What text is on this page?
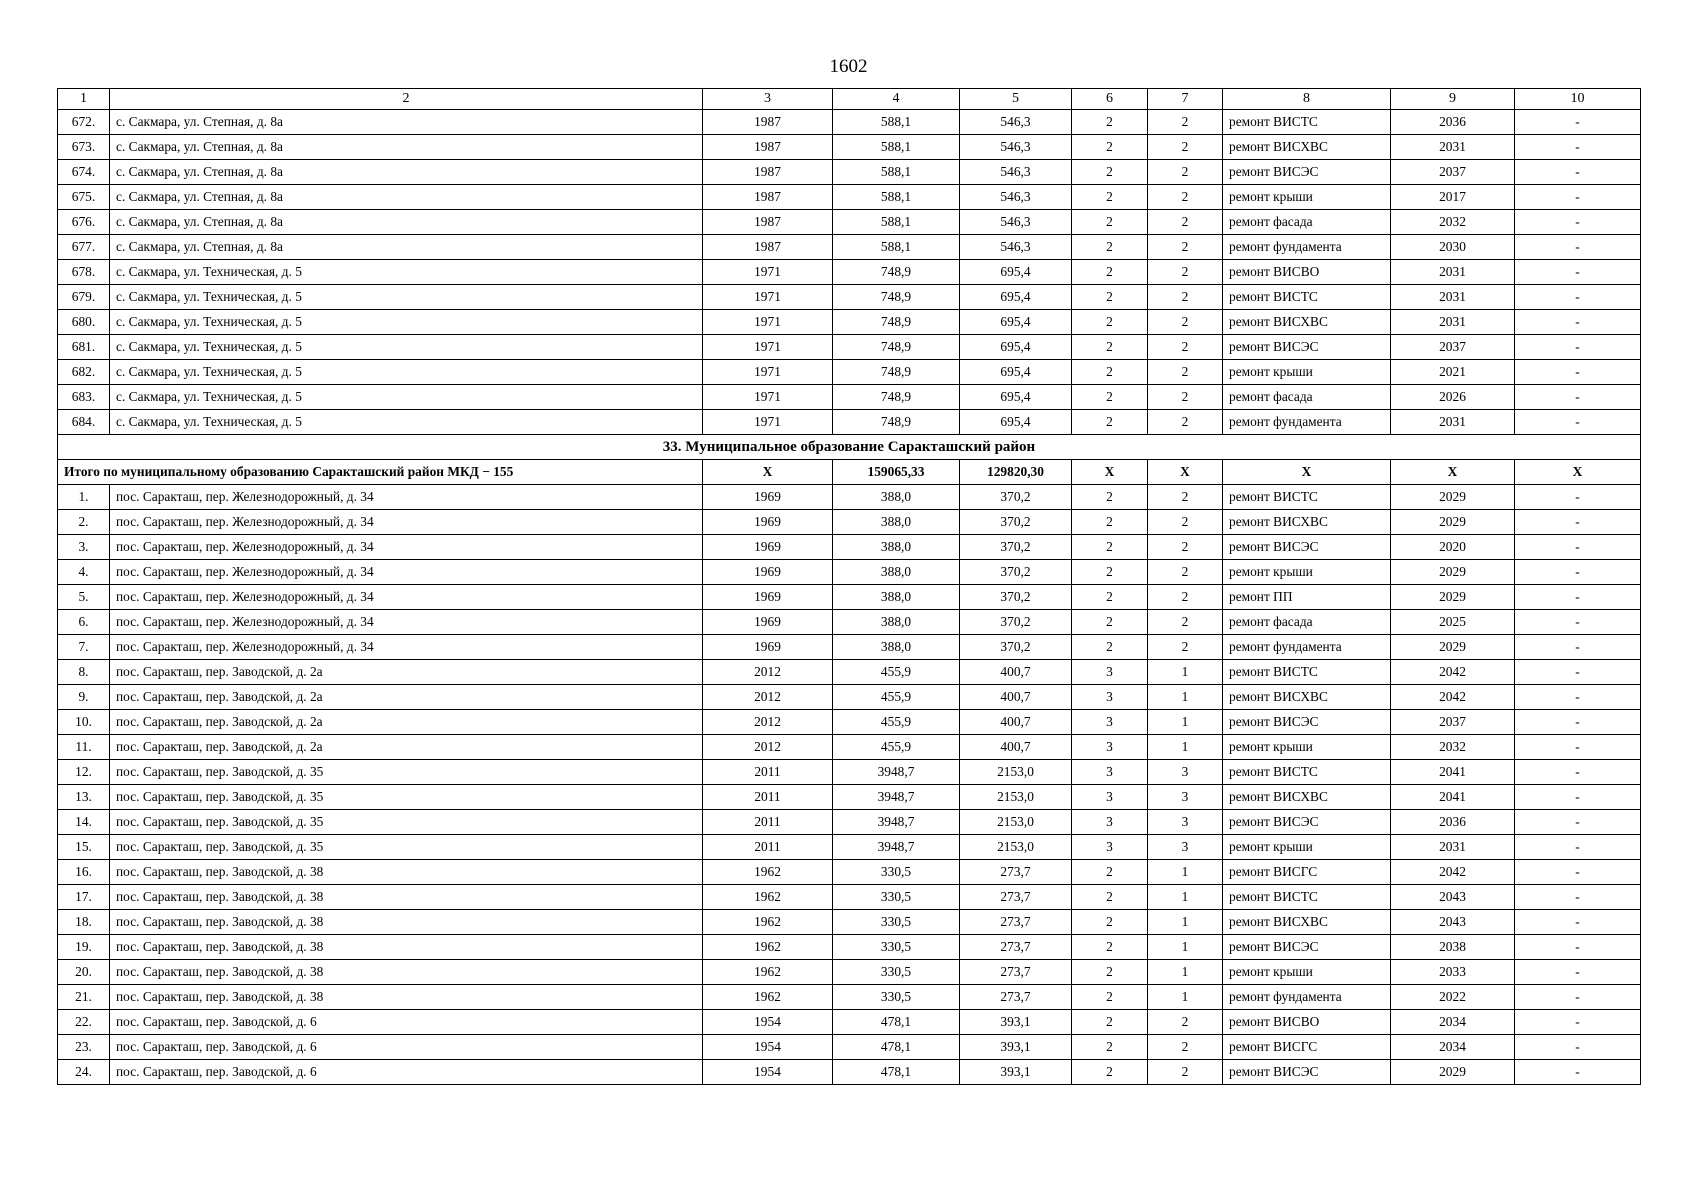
1602
1	2	3	4	5	6	7	8	9	10
672.	с. Сакмара, ул. Степная, д. 8а	1987	588,1	546,3	2	2	ремонт ВИСТС	2036	-
673.	с. Сакмара, ул. Степная, д. 8а	1987	588,1	546,3	2	2	ремонт ВИСХВС	2031	-
674.	с. Сакмара, ул. Степная, д. 8а	1987	588,1	546,3	2	2	ремонт ВИСЭС	2037	-
675.	с. Сакмара, ул. Степная, д. 8а	1987	588,1	546,3	2	2	ремонт крыши	2017	-
676.	с. Сакмара, ул. Степная, д. 8а	1987	588,1	546,3	2	2	ремонт фасада	2032	-
677.	с. Сакмара, ул. Степная, д. 8а	1987	588,1	546,3	2	2	ремонт фундамента	2030	-
678.	с. Сакмара, ул. Техническая, д. 5	1971	748,9	695,4	2	2	ремонт ВИСВО	2031	-
679.	с. Сакмара, ул. Техническая, д. 5	1971	748,9	695,4	2	2	ремонт ВИСТС	2031	-
680.	с. Сакмара, ул. Техническая, д. 5	1971	748,9	695,4	2	2	ремонт ВИСХВС	2031	-
681.	с. Сакмара, ул. Техническая, д. 5	1971	748,9	695,4	2	2	ремонт ВИСЭС	2037	-
682.	с. Сакмара, ул. Техническая, д. 5	1971	748,9	695,4	2	2	ремонт крыши	2021	-
683.	с. Сакмара, ул. Техническая, д. 5	1971	748,9	695,4	2	2	ремонт фасада	2026	-
684.	с. Сакмара, ул. Техническая, д. 5	1971	748,9	695,4	2	2	ремонт фундамента	2031	-
33. Муниципальное образование Саракташский район									
Итого по муниципальному образованию Саракташский район МКД − 155		X	159065,33	129820,30	X	X	X	X	X
1.	пос. Саракташ, пер. Железнодорожный, д. 34	1969	388,0	370,2	2	2	ремонт ВИСТС	2029	-
2.	пос. Саракташ, пер. Железнодорожный, д. 34	1969	388,0	370,2	2	2	ремонт ВИСХВС	2029	-
3.	пос. Саракташ, пер. Железнодорожный, д. 34	1969	388,0	370,2	2	2	ремонт ВИСЭС	2020	-
4.	пос. Саракташ, пер. Железнодорожный, д. 34	1969	388,0	370,2	2	2	ремонт крыши	2029	-
5.	пос. Саракташ, пер. Железнодорожный, д. 34	1969	388,0	370,2	2	2	ремонт ПП	2029	-
6.	пос. Саракташ, пер. Железнодорожный, д. 34	1969	388,0	370,2	2	2	ремонт фасада	2025	-
7.	пос. Саракташ, пер. Железнодорожный, д. 34	1969	388,0	370,2	2	2	ремонт фундамента	2029	-
8.	пос. Саракташ, пер. Заводской, д. 2а	2012	455,9	400,7	3	1	ремонт ВИСТС	2042	-
9.	пос. Саракташ, пер. Заводской, д. 2а	2012	455,9	400,7	3	1	ремонт ВИСХВС	2042	-
10.	пос. Саракташ, пер. Заводской, д. 2а	2012	455,9	400,7	3	1	ремонт ВИСЭС	2037	-
11.	пос. Саракташ, пер. Заводской, д. 2а	2012	455,9	400,7	3	1	ремонт крыши	2032	-
12.	пос. Саракташ, пер. Заводской, д. 35	2011	3948,7	2153,0	3	3	ремонт ВИСТС	2041	-
13.	пос. Саракташ, пер. Заводской, д. 35	2011	3948,7	2153,0	3	3	ремонт ВИСХВС	2041	-
14.	пос. Саракташ, пер. Заводской, д. 35	2011	3948,7	2153,0	3	3	ремонт ВИСЭС	2036	-
15.	пос. Саракташ, пер. Заводской, д. 35	2011	3948,7	2153,0	3	3	ремонт крыши	2031	-
16.	пос. Саракташ, пер. Заводской, д. 38	1962	330,5	273,7	2	1	ремонт ВИСГС	2042	-
17.	пос. Саракташ, пер. Заводской, д. 38	1962	330,5	273,7	2	1	ремонт ВИСТС	2043	-
18.	пос. Саракташ, пер. Заводской, д. 38	1962	330,5	273,7	2	1	ремонт ВИСХВС	2043	-
19.	пос. Саракташ, пер. Заводской, д. 38	1962	330,5	273,7	2	1	ремонт ВИСЭС	2038	-
20.	пос. Саракташ, пер. Заводской, д. 38	1962	330,5	273,7	2	1	ремонт крыши	2033	-
21.	пос. Саракташ, пер. Заводской, д. 38	1962	330,5	273,7	2	1	ремонт фундамента	2022	-
22.	пос. Саракташ, пер. Заводской, д. 6	1954	478,1	393,1	2	2	ремонт ВИСВО	2034	-
23.	пос. Саракташ, пер. Заводской, д. 6	1954	478,1	393,1	2	2	ремонт ВИСГС	2034	-
24.	пос. Саракташ, пер. Заводской, д. 6	1954	478,1	393,1	2	2	ремонт ВИСЭС	2029	-
